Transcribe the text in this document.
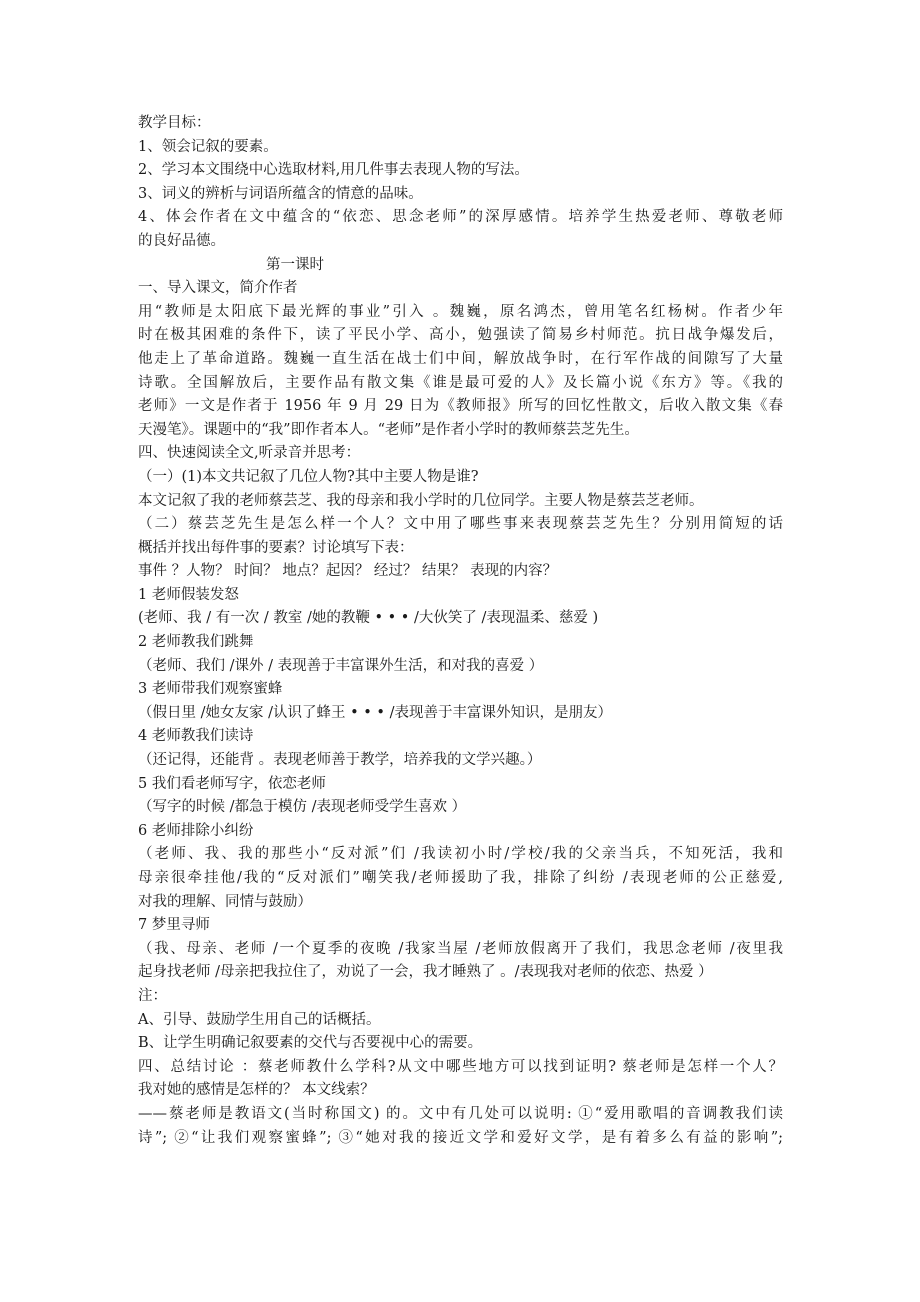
教学目标：

1、领会记叙的要素。

2、学习本文围绕中心选取材料,用几件事去表现人物的写法。

3、词义的辨析与词语所蕴含的情意的品味。

4、体会作者在文中蕴含的“依恋、思念老师”的深厚感情。培养学生热爱老师、尊敬老师

的良好品德。

第一课时

一、导入课文，简介作者

用“教师是太阳底下最光辉的事业”引入 。魏巍，原名鸿杰，曾用笔名红杨树。作者少年

时在极其困难的条件下，读了平民小学、高小，勉强读了简易乡村师范。抗日战争爆发后，

他走上了革命道路。魏巍一直生活在战士们中间，解放战争时，在行军作战的间隙写了大量

诗歌。全国解放后，主要作品有散文集《谁是最可爱的人》及长篇小说《东方》等。《我的

老师》一文是作者于 1956 年 9 月 29 日为《教师报》所写的回忆性散文，后收入散文集《春

天漫笔》。课题中的“我”即作者本人。“老师”是作者小学时的教师蔡芸芝先生。

四、快速阅读全文,听录音并思考：

（一）(1)本文共记叙了几位人物?其中主要人物是谁?

本文记叙了我的老师蔡芸芝、我的母亲和我小学时的几位同学。主要人物是蔡芸芝老师。

（二）蔡芸芝先生是怎么样一个人？文中用了哪些事来表现蔡芸芝先生？分别用简短的话

概括并找出每件事的要素？讨论填写下表：

事件 ？人物？ 时间？ 地点？起因？ 经过？ 结果？ 表现的内容？

1 老师假装发怒

(老师、我 / 有一次 / 教室 /她的教鞭 • • • /大伙笑了 /表现温柔、慈爱 )

2 老师教我们跳舞

（老师、我们 /课外 / 表现善于丰富课外生活，和对我的喜爱 ）

3 老师带我们观察蜜蜂

（假日里 /她女友家 /认识了蜂王 • • • /表现善于丰富课外知识，是朋友）

4 老师教我们读诗

（还记得，还能背 。表现老师善于教学，培养我的文学兴趣。）

5 我们看老师写字，依恋老师

（写字的时候 /都急于模仿 /表现老师受学生喜欢 ）

6 老师排除小纠纷

（老师、我、我的那些小“反对派”们 /我读初小时/学校/我的父亲当兵，不知死活，我和

母亲很牵挂他/我的“反对派们”嘲笑我/老师援助了我，排除了纠纷 /表现老师的公正慈爱,

对我的理解、同情与鼓励）

7 梦里寻师

（我、母亲、老师 /一个夏季的夜晚 /我家当屋 /老师放假离开了我们，我思念老师 /夜里我

起身找老师 /母亲把我拉住了，劝说了一会，我才睡熟了 。/表现我对老师的依恋、热爱 ）

注：

A、引导、鼓励学生用自己的话概括。

B、让学生明确记叙要素的交代与否要视中心的需要。

四、总结讨论 ：蔡老师教什么学科?从文中哪些地方可以找到证明? 蔡老师是怎样一个人？

我对她的感情是怎样的？ 本文线索？

——蔡老师是教语文(当时称国文) 的。文中有几处可以说明: ①“爱用歌唱的音调教我们读

诗”; ②“让我们观察蜜蜂”; ③“她对我的接近文学和爱好文学，是有着多么有益的影响”;
